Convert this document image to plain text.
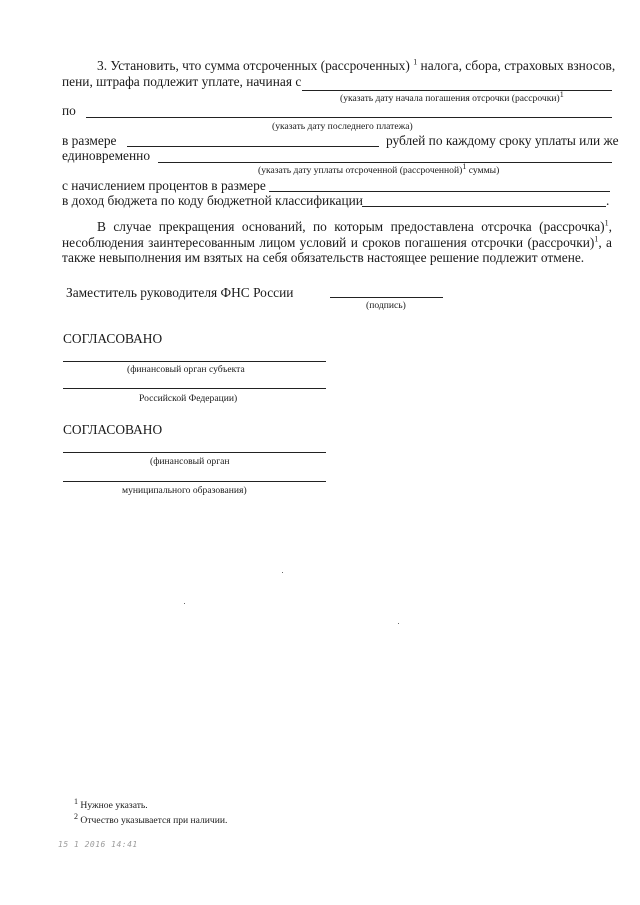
3. Установить, что сумма отсроченных (рассроченных) $^1$ налога, сбора, страховых взносов,
пени, штрафа подлежит уплате, начиная с
(указать дату начала погашения отсрочки (рассрочки)$^1$
по
(указать дату последнего платежа)
в размере	рублей по каждому сроку уплаты или же
единовременно
(указать дату уплаты отсроченной (рассроченной)$^1$ суммы)
с начислением процентов в размере
в доход бюджета по коду бюджетной классификации	.
В случае прекращения оснований, по которым предоставлена отсрочка (рассрочка)$^1$,
несоблюдения заинтересованным лицом условий и сроков погашения отсрочки (рассрочки)$^1$, а
также невыполнения им взятых на себя обязательств настоящее решение подлежит отмене.
Заместитель руководителя ФНС России
(подпись)
СОГЛАСОВАНО
(финансовый орган субъекта
Российской Федерации)
СОГЛАСОВАНО
(финансовый орган
муниципального образования)
$^1$ Нужное указать.
$^2$ Отчество указывается при наличии.
15 1 2016 14:41
